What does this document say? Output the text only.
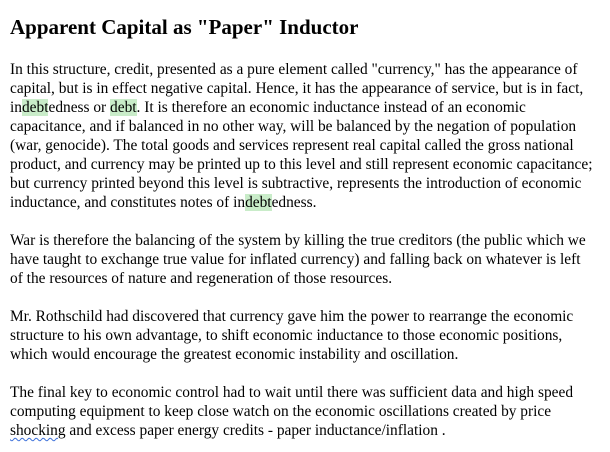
Apparent Capital as "Paper" Inductor

In this structure, credit, presented as a pure element called "currency," has the appearance of capital, but is in effect negative capital. Hence, it has the appearance of service, but is in fact, indebtedness or debt. It is therefore an economic inductance instead of an economic capacitance, and if balanced in no other way, will be balanced by the negation of population (war, genocide). The total goods and services represent real capital called the gross national product, and currency may be printed up to this level and still represent economic capacitance; but currency printed beyond this level is subtractive, represents the introduction of economic inductance, and constitutes notes of indebtedness.

War is therefore the balancing of the system by killing the true creditors (the public which we have taught to exchange true value for inflated currency) and falling back on whatever is left of the resources of nature and regeneration of those resources.

Mr. Rothschild had discovered that currency gave him the power to rearrange the economic structure to his own advantage, to shift economic inductance to those economic positions, which would encourage the greatest economic instability and oscillation.

The final key to economic control had to wait until there was sufficient data and high speed computing equipment to keep close watch on the economic oscillations created by price shocking and excess paper energy credits - paper inductance/inflation .
